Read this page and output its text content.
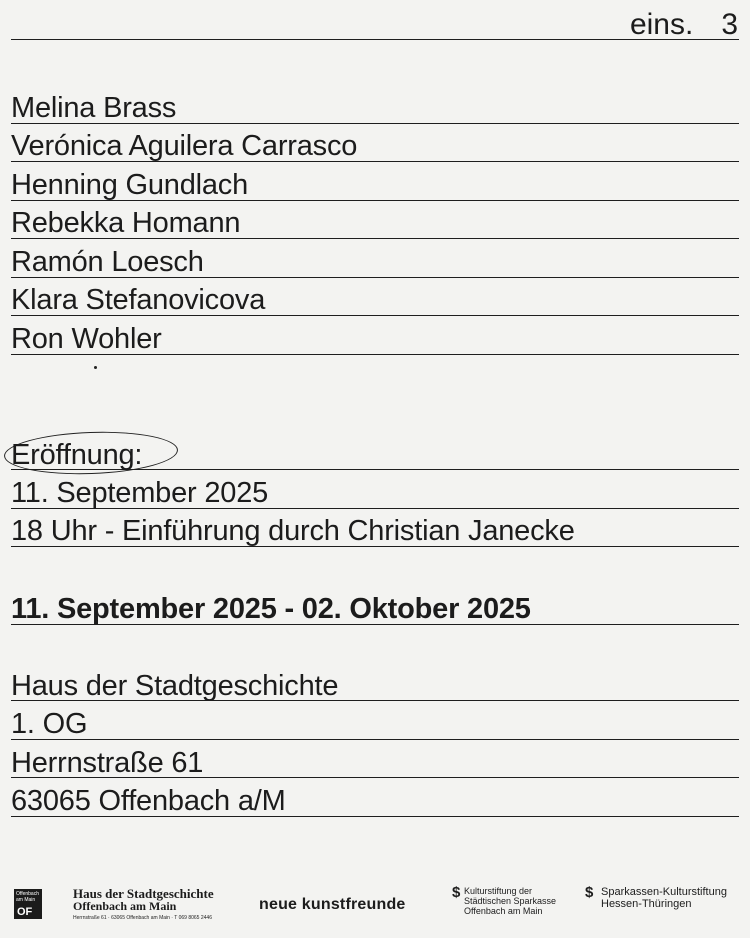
eins. 3
Melina Brass
Verónica Aguilera Carrasco
Henning Gundlach
Rebekka Homann
Ramón Loesch
Klara Stefanovicova
Ron Wohler
Eröffnung:
11. September 2025
18 Uhr - Einführung durch Christian Janecke
11. September 2025 - 02. Oktober 2025
Haus der Stadtgeschichte
1. OG
Herrnstraße 61
63065 Offenbach a/M
Offenbach am Main
OF
Haus der Stadtgeschichte
Offenbach am Main
Herrnstraße 61 · 63065 Offenbach am Main · T 069 8065 2446
neue kunstfreunde
$ Kulturstiftung der
Städtischen Sparkasse
Offenbach am Main
$ Sparkassen-Kulturstiftung
Hessen-Thüringen
